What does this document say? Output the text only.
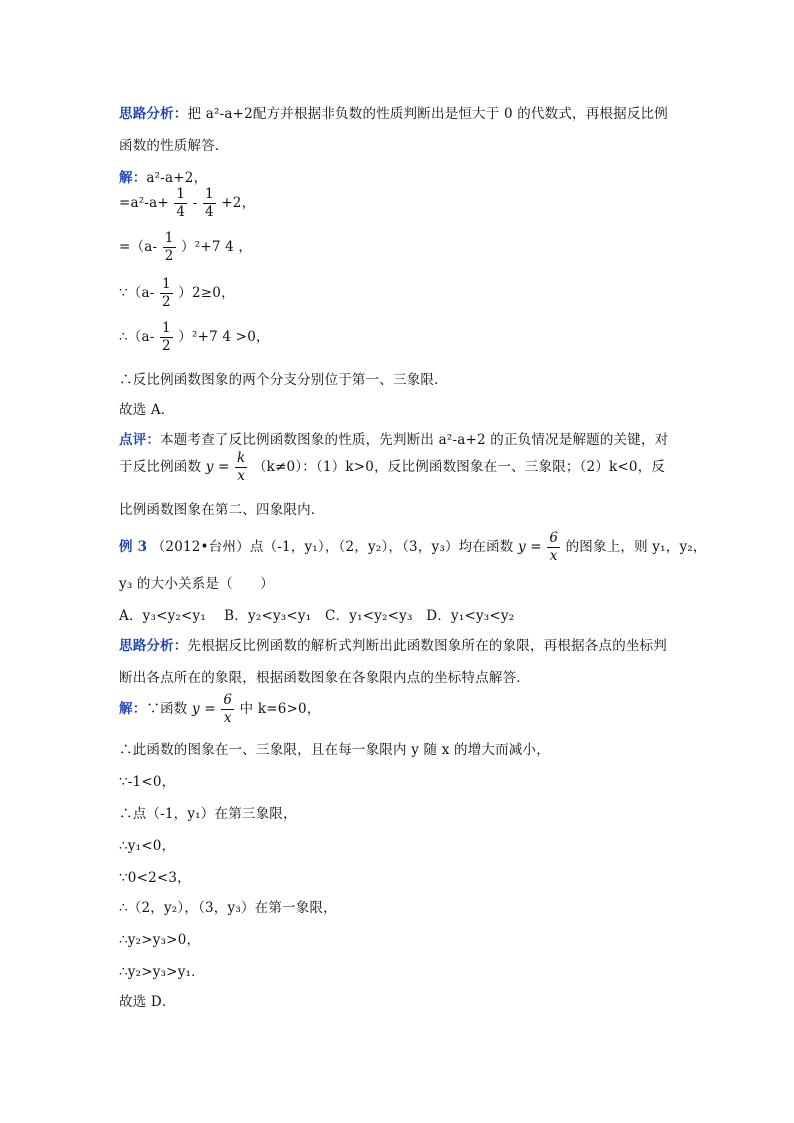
思路分析：把 a²-a+2配方并根据非负数的性质判断出是恒大于 0 的代数式，再根据反比例
函数的性质解答．
解：a²-a+2，
$=a^2-a+ \frac{1}{4} - \frac{1}{4} +2$，
$=(a- \frac{1}{2} )^2+7$ 4 ，
∵（a- $\frac{1}{2} )2\ge 0$，
∴（a- $\frac{1}{2} )^2+7$ 4 >0，
∴反比例函数图象的两个分支分别位于第一、三象限．
故选 A．
点评：本题考查了反比例函数图象的性质，先判断出 a²-a+2 的正负情况是解题的关键，对
于反比例函数 $y = \frac{k}{x} (k\ne 0)$：（1）k>0，反比例函数图象在一、三象限；（2）k<0，反
比例函数图象在第二、四象限内．
例 3 （2012•台州）点（-1，y₁），（2，y₂），（3，y₃）均在函数 $y = \frac{6}{x}$ 的图象上，则 y₁，y₂，
y₃ 的大小关系是（　　）
A．y₃<y₂<y₁　 B．y₂<y₃<y₁　C．y₁<y₂<y₃　D．y₁<y₃<y₂
思路分析：先根据反比例函数的解析式判断出此函数图象所在的象限，再根据各点的坐标判
断出各点所在的象限，根据函数图象在各象限内点的坐标特点解答．
解：∵函数 $y = \frac{6}{x}$ 中 k=6>0，
∴此函数的图象在一、三象限，且在每一象限内 y 随 x 的增大而减小，
∵-1<0，
∴点（-1，y₁）在第三象限，
∴y₁<0，
∵0<2<3，
∴（2，y₂），（3，y₃）在第一象限，
∴y₂>y₃>0，
∴y₂>y₃>y₁．
故选 D．
